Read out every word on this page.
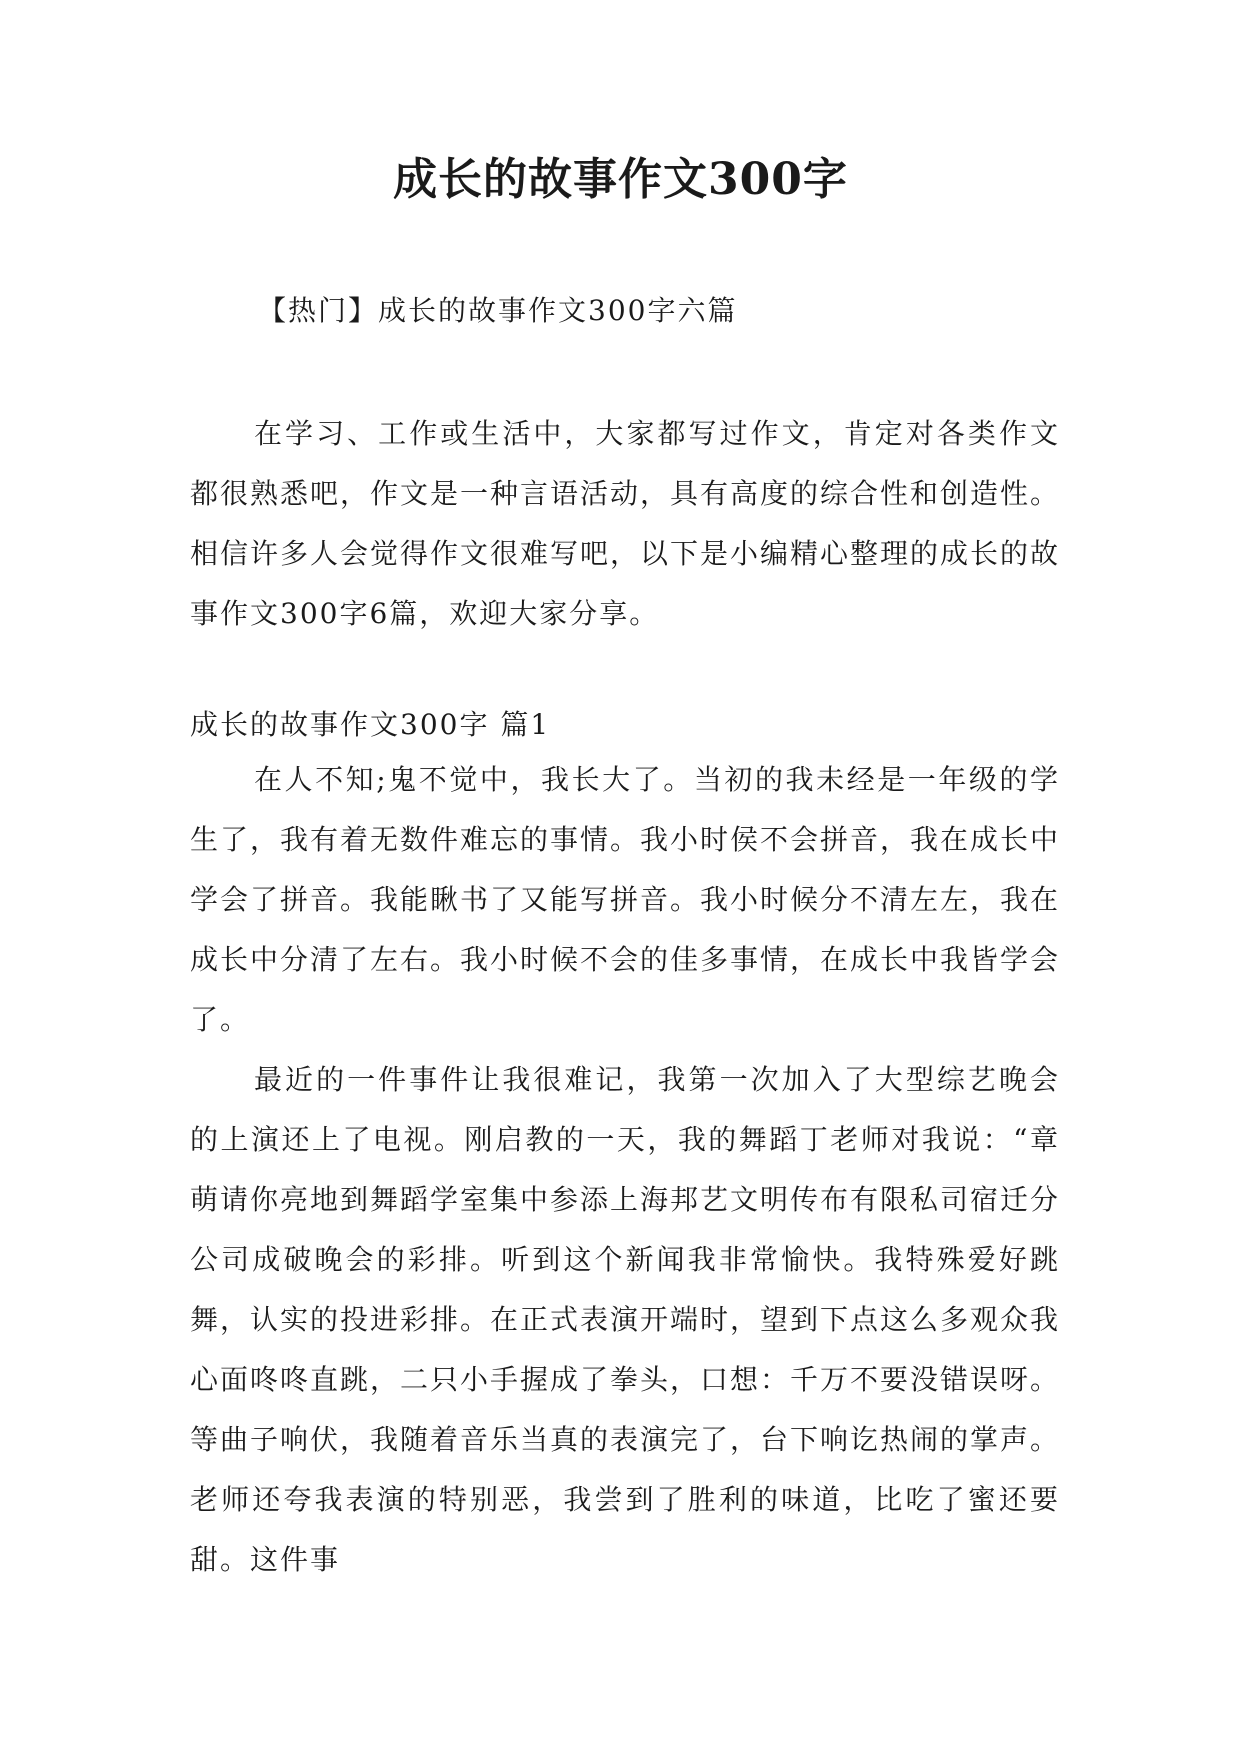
成长的故事作文300字
【热门】成长的故事作文300字六篇

在学习、工作或生活中，大家都写过作文，肯定对各类作文都很熟悉吧，作文是一种言语活动，具有高度的综合性和创造性。相信许多人会觉得作文很难写吧，以下是小编精心整理的成长的故事作文300字6篇，欢迎大家分享。

成长的故事作文300字 篇1

在人不知;鬼不觉中，我长大了。当初的我未经是一年级的学生了，我有着无数件难忘的事情。我小时侯不会拼音，我在成长中学会了拼音。我能瞅书了又能写拼音。我小时候分不清左左，我在成长中分清了左右。我小时候不会的佳多事情，在成长中我皆学会了。

最近的一件事件让我很难记，我第一次加入了大型综艺晚会的上演还上了电视。刚启教的一天，我的舞蹈丁老师对我说：“章萌请你亮地到舞蹈学室集中参添上海邦艺文明传布有限私司宿迁分公司成破晚会的彩排。听到这个新闻我非常愉快。我特殊爱好跳舞，认实的投进彩排。在正式表演开端时，望到下点这么多观众我心面咚咚直跳，二只小手握成了拳头，口想：千万不要没错误呀。等曲子响伏，我随着音乐当真的表演完了，台下响讫热闹的掌声。老师还夸我表演的特别恶，我尝到了胜利的味道，比吃了蜜还要甜。这件事
